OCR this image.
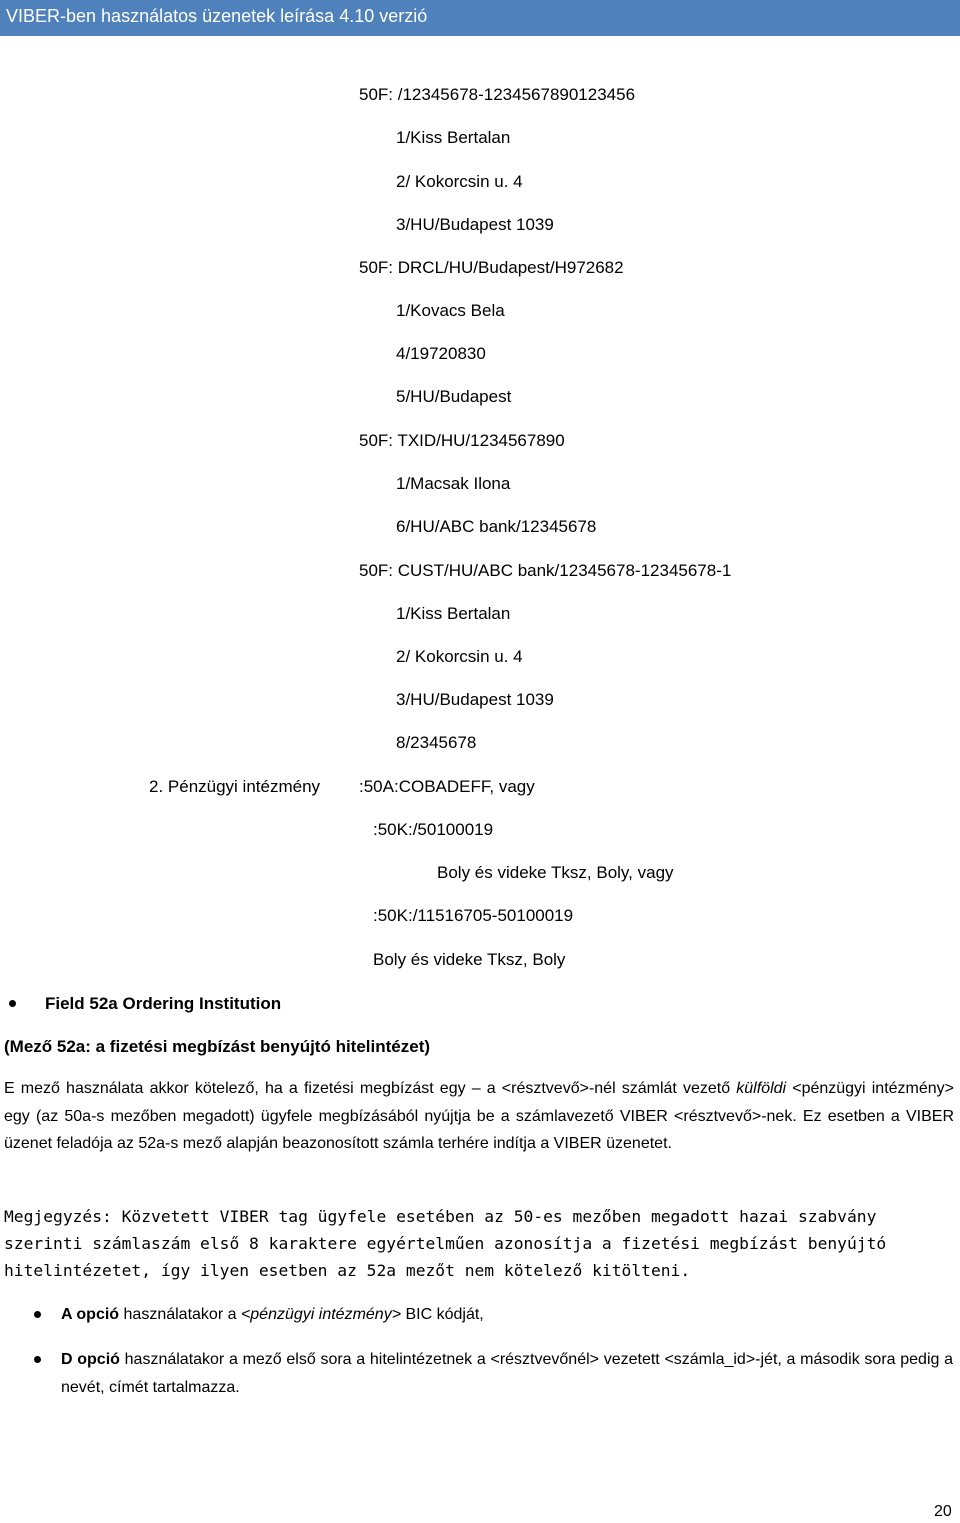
VIBER-ben használatos üzenetek leírása 4.10 verzió
50F: /12345678-1234567890123456
1/Kiss Bertalan
2/ Kokorcsin u. 4
3/HU/Budapest 1039
50F: DRCL/HU/Budapest/H972682
1/Kovacs Bela
4/19720830
5/HU/Budapest
50F: TXID/HU/1234567890
1/Macsak Ilona
6/HU/ABC bank/12345678
50F: CUST/HU/ABC bank/12345678-12345678-1
1/Kiss Bertalan
2/ Kokorcsin u. 4
3/HU/Budapest 1039
8/2345678
2. Pénzügyi intézmény :50A:COBADEFF, vagy
:50K:/50100019
Boly és videke Tksz, Boly, vagy
:50K:/11516705-50100019
Boly és videke Tksz, Boly
Field 52a Ordering Institution
(Mező 52a: a fizetési megbízást benyújtó hitelintézet)

E mező használata akkor kötelező, ha a fizetési megbízást egy – a <résztvevő>-nél számlát vezető külföldi <pénzügyi intézmény> egy (az 50a-s mezőben megadott) ügyfele megbízásából nyújtja be a számlavezető VIBER <résztvevő>-nek. Ez esetben a VIBER üzenet feladója az 52a-s mező alapján beazonosított számla terhére indítja a VIBER üzenetet.

Megjegyzés: Közvetett VIBER tag ügyfele esetében az 50-es mezőben megadott hazai szabvány szerinti számlaszám első 8 karaktere egyértelműen azonosítja a fizetési megbízást benyújtó hitelintézetet, így ilyen esetben az 52a mezőt nem kötelező kitölteni.

A opció használatakor a <pénzügyi intézmény> BIC kódját,

D opció használatakor a mező első sora a hitelintézetnek a <résztvevőnél> vezetett <számla_id>-jét, a második sora pedig a nevét, címét tartalmazza.

20
